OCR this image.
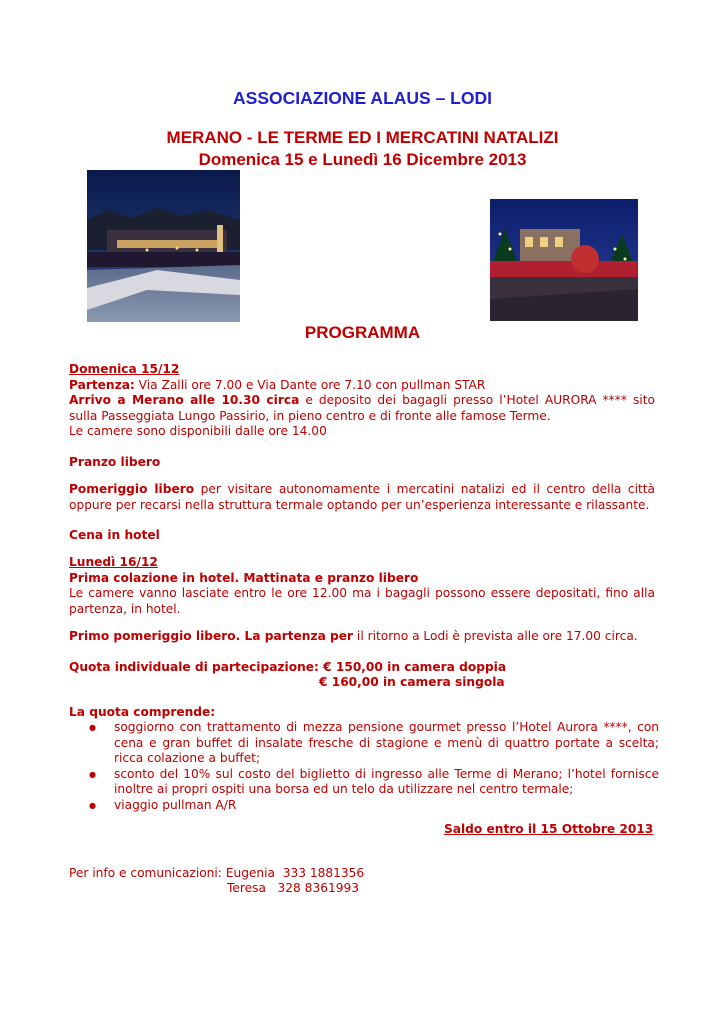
ASSOCIAZIONE ALAUS – LODI
MERANO - LE TERME ED I MERCATINI NATALIZI
Domenica 15 e Lunedì 16 Dicembre 2013
PROGRAMMA
Domenica 15/12
Partenza: Via Zalli ore 7.00 e Via Dante ore 7.10 con pullman STAR
Arrivo a Merano alle 10.30 circa e deposito dei bagagli presso l’Hotel AURORA **** sito sulla Passeggiata Lungo Passirio, in pieno centro e di fronte alle famose Terme.
Le camere sono disponibili dalle ore 14.00
Pranzo libero
Pomeriggio libero per visitare autonomamente i mercatini natalizi ed il centro della città oppure per recarsi nella struttura termale optando per un’esperienza interessante e rilassante.
Cena in hotel
Lunedì 16/12
Prima colazione in hotel. Mattinata e pranzo libero
Le camere vanno lasciate entro le ore 12.00 ma i bagagli possono essere depositati, fino alla partenza, in hotel.
Primo pomeriggio libero. La partenza per il ritorno a Lodi è prevista alle ore 17.00 circa.
Quota individuale di partecipazione: € 150,00 in camera doppia
€ 160,00 in camera singola
La quota comprende:
● soggiorno con trattamento di mezza pensione gourmet presso l’Hotel Aurora ****, con cena e gran buffet di insalate fresche di stagione e menù di quattro portate a scelta; ricca colazione a buffet;
● sconto del 10% sul costo del biglietto di ingresso alle Terme di Merano; l’hotel fornisce inoltre ai propri ospiti una borsa ed un telo da utilizzare nel centro termale;
● viaggio pullman A/R
Saldo entro il 15 Ottobre 2013
Per info e comunicazioni: Eugenia  333 1881356
Teresa   328 8361993
